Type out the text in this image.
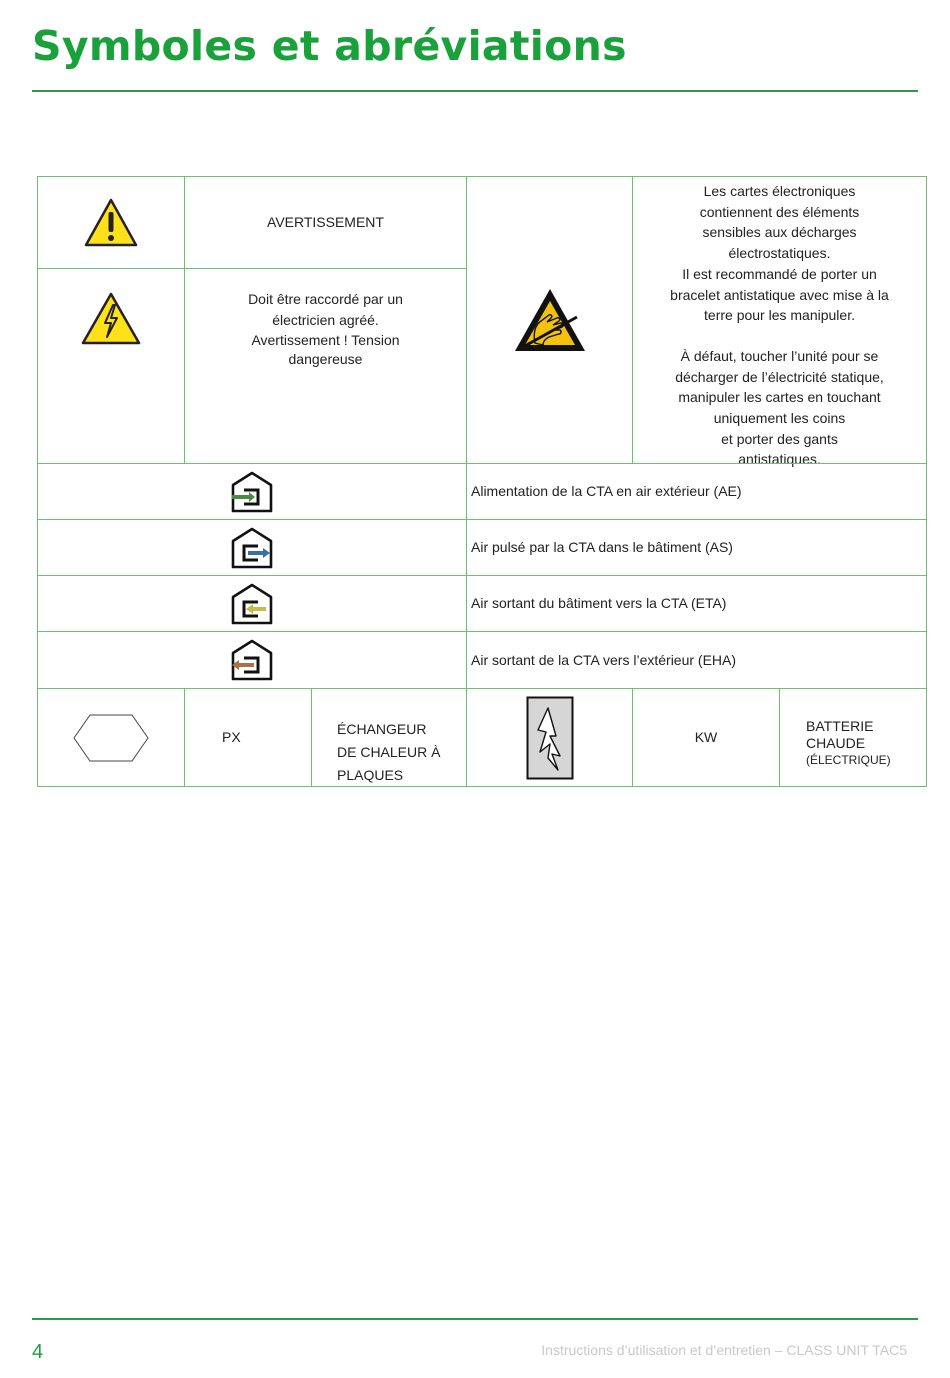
Symboles et abréviations
AVERTISSEMENT
Doit être raccordé par un
électricien agréé.
Avertissement ! Tension
dangereuse
Les cartes électroniques
contiennent des éléments
sensibles aux décharges
électrostatiques.
Il est recommandé de porter un
bracelet antistatique avec mise à la
terre pour les manipuler.
À défaut, toucher l’unité pour se
décharger de l’électricité statique,
manipuler les cartes en touchant
uniquement les coins
et porter des gants
antistatiques.
Alimentation de la CTA en air extérieur (AE)
Air pulsé par la CTA dans le bâtiment (AS)
Air sortant du bâtiment vers la CTA (ETA)
Air sortant de la CTA vers l’extérieur (EHA)
PX
ÉCHANGEUR
DE CHALEUR À
PLAQUES
KW
BATTERIE
CHAUDE
(ÉLECTRIQUE)
4	Instructions d’utilisation et d’entretien – CLASS UNIT TAC5
